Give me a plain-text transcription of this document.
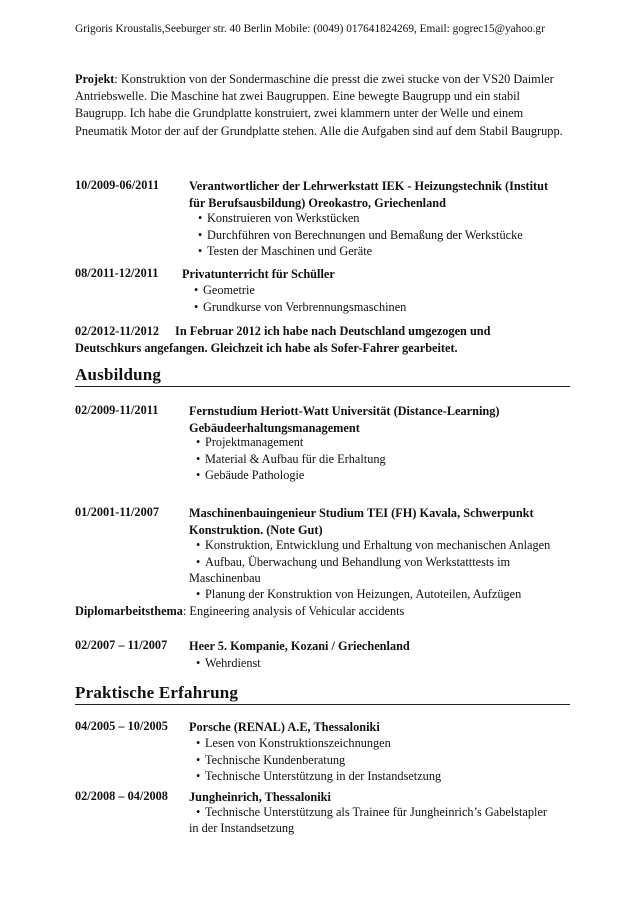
Grigoris Kroustalis,Seeburger str. 40 Berlin Mobile: (0049) 017641824269, Email: gogrec15@yahoo.gr
Projekt: Konstruktion von der Sondermaschine die presst die zwei stucke von der VS20 Daimler Antriebswelle. Die Maschine hat zwei Baugruppen. Eine bewegte Baugrupp und ein stabil Baugrupp. Ich habe die Grundplatte konstruiert, zwei klammern unter der Welle und einem Pneumatik Motor der auf der Grundplatte stehen. Alle die Aufgaben sind auf dem Stabil Baugrupp.
10/2009-06/2011 Verantwortlicher der Lehrwerkstatt IEK - Heizungstechnik (Institut
für Berufsausbildung) Oreokastro, Griechenland
• Konstruieren von Werkstücken
• Durchführen von Berechnungen und Bemaßung der Werkstücke
• Testen der Maschinen und Geräte
08/2011-12/2011 Privatunterricht für Schüller
• Geometrie
• Grundkurse von Verbrennungsmaschinen
02/2012-11/2012 In Februar 2012 ich habe nach Deutschland umgezogen und
Deutschkurs angefangen. Gleichzeit ich habe als Sofer-Fahrer gearbeitet.
Ausbildung
02/2009-11/2011 Fernstudium Heriott-Watt Universität (Distance-Learning)
Gebäudeerhaltungsmanagement
• Projektmanagement
• Material & Aufbau für die Erhaltung
• Gebäude Pathologie
01/2001-11/2007 Maschinenbauingenieur Studium TEI (FH) Kavala, Schwerpunkt
Konstruktion. (Note Gut)
• Konstruktion, Entwicklung und Erhaltung von mechanischen Anlagen
• Aufbau, Überwachung und Behandlung von Werkstatttests im
Maschinenbau
• Planung der Konstruktion von Heizungen, Autoteilen, Aufzügen
Diplomarbeitsthema: Engineering analysis of Vehicular accidents
02/2007 – 11/2007 Heer 5. Kompanie, Kozani / Griechenland
• Wehrdienst
Praktische Erfahrung
04/2005 – 10/2005 Porsche (RENAL) A.E, Thessaloniki
• Lesen von Konstruktionszeichnungen
• Technische Kundenberatung
• Technische Unterstützung in der Instandsetzung
02/2008 – 04/2008 Jungheinrich, Thessaloniki
• Technische Unterstützung als Trainee für Jungheinrich’s Gabelstapler
in der Instandsetzung
